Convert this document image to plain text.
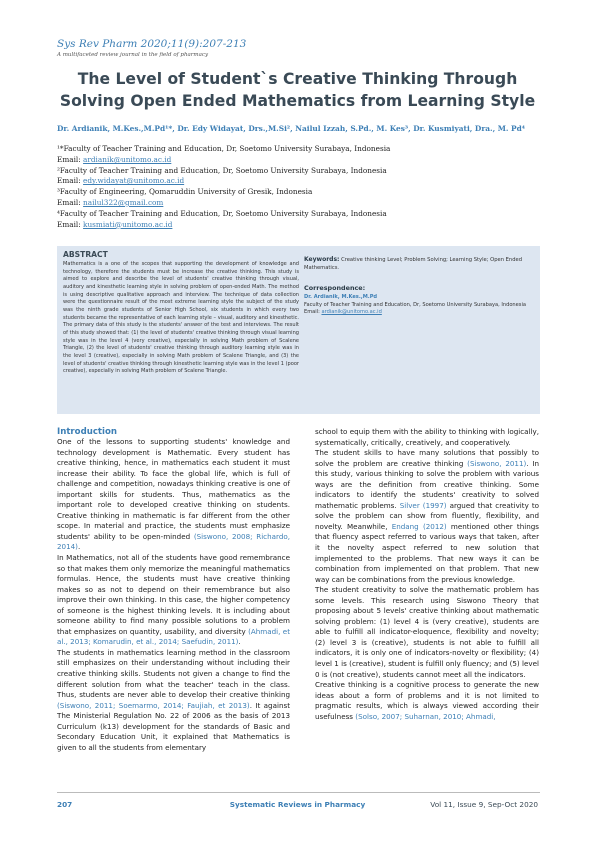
Sys Rev Pharm 2020;11(9):207-213
A multifaceted review journal in the field of pharmacy
The Level of Student`s Creative Thinking Through
Solving Open Ended Mathematics from Learning Style
Dr. Ardianik, M.Kes.,M.Pd¹*, Dr. Edy Widayat, Drs.,M.Si², Nailul Izzah, S.Pd., M. Kes³, Dr. Kusmiyati, Dra., M. Pd⁴
¹*Faculty of Teacher Training and Education, Dr, Soetomo University Surabaya, Indonesia
Email: ardianik@unitomo.ac.id
²Faculty of Teacher Training and Education, Dr, Soetomo University Surabaya, Indonesia
Email: edy.widayat@unitomo.ac.id
³Faculty of Engineering, Qomaruddin University of Gresik, Indonesia
Email: nailul322@gmail.com
⁴Faculty of Teacher Training and Education, Dr, Soetomo University Surabaya, Indonesia
Email: kusmiati@unitomo.ac.id
ABSTRACT
Mathematics is a one of the scopes that supporting the development of knowledge and technology, therefore the students must be increase the creative thinking. This study is aimed to explore and describe the level of students' creative thinking through visual, auditory and kinesthetic learning style in solving problem of open-ended Math. The method is using descriptive qualitative approach and interview. The technique of data collection were the questionnaire result of the most extreme learning style the subject of the study was the ninth grade students of Senior High School, six students in which every two students became the representative of each learning style – visual, auditory and kinesthetic. The primary data of this study is the students' answer of the test and interviews. The result of this study showed that: (1) the level of students' creative thinking through visual learning style was in the level 4 (very creative), especially in solving Math problem of Scalene Triangle, (2) the level of students' creative thinking through auditory learning style was in the level 3 (creative), especially in solving Math problem of Scalene Triangle, and (3) the level of students' creative thinking through kinesthetic learning style was in the level 1 (poor creative), especially in solving Math problem of Scalene Triangle.
Keywords: Creative thinking Level; Problem Solving; Learning Style; Open Ended Mathematics.
Correspondence:
Dr. Ardianik, M.Kes.,M.Pd
Faculty of Teacher Training and Education, Dr, Soetomo University Surabaya, Indonesia
Email: ardianik@unitomo.ac.id
Introduction

One of the lessons to supporting students' knowledge and technology development is Mathematic. Every student has creative thinking, hence, in mathematics each student it must increase their ability. To face the global life, which is full of challenge and competition, nowadays thinking creative is one of important skills for students. Thus, mathematics as the important role to developed creative thinking on students. Creative thinking in mathematic is far different from the other scope. In material and practice, the students must emphasize students' ability to be open-minded (Siswono, 2008; Richardo, 2014).

In Mathematics, not all of the students have good remembrance so that makes them only memorize the meaningful mathematics formulas. Hence, the students must have creative thinking makes so as not to depend on their remembrance but also improve their own thinking. In this case, the higher competency of someone is the highest thinking levels. It is including about someone ability to find many possible solutions to a problem that emphasizes on quantity, usability, and diversity (Ahmadi, et al., 2013; Komarudin, et al., 2014; Saefudin, 2011).

The students in mathematics learning method in the classroom still emphasizes on their understanding without including their creative thinking skills. Students not given a change to find the different solution from what the teacher' teach in the class. Thus, students are never able to develop their creative thinking (Siswono, 2011; Soemarmo, 2014; Faujiah, et 2013). It against The Ministerial Regulation No. 22 of 2006 as the basis of 2013 Curriculum (k13) development for the standards of Basic and Secondary Education Unit, it explained that Mathematics is given to all the students from elementary

school to equip them with the ability to thinking with logically, systematically, critically, creatively, and cooperatively.

The student skills to have many solutions that possibly to solve the problem are creative thinking (Siswono, 2011). In this study, various thinking to solve the problem with various ways are the definition from creative thinking. Some indicators to identify the students' creativity to solved mathematic problems. Silver (1997) argued that creativity to solve the problem can show from fluently, flexibility, and novelty. Meanwhile, Endang (2012) mentioned other things that fluency aspect referred to various ways that taken, after it the novelty aspect referred to new solution that implemented to the problems. That new ways it can be combination from implemented on that problem. That new way can be combinations from the previous knowledge.

The student creativity to solve the mathematic problem has some levels. This research using Siswono Theory that proposing about 5 levels' creative thinking about mathematic solving problem: (1) level 4 is (very creative), students are able to fulfill all indicator-eloquence, flexibility and novelty; (2) level 3 is (creative), students is not able to fulfill all indicators, it is only one of indicators-novelty or flexibility; (4) level 1 is (creative), student is fulfill only fluency; and (5) level 0 is (not creative), students cannot meet all the indicators.

Creative thinking is a cognitive process to generate the new ideas about a form of problems and it is not limited to pragmatic results, which is always viewed according their usefulness (Solso, 2007; Suharnan, 2010; Ahmadi,

207	Systematic Reviews in Pharmacy	Vol 11, Issue 9, Sep-Oct 2020
